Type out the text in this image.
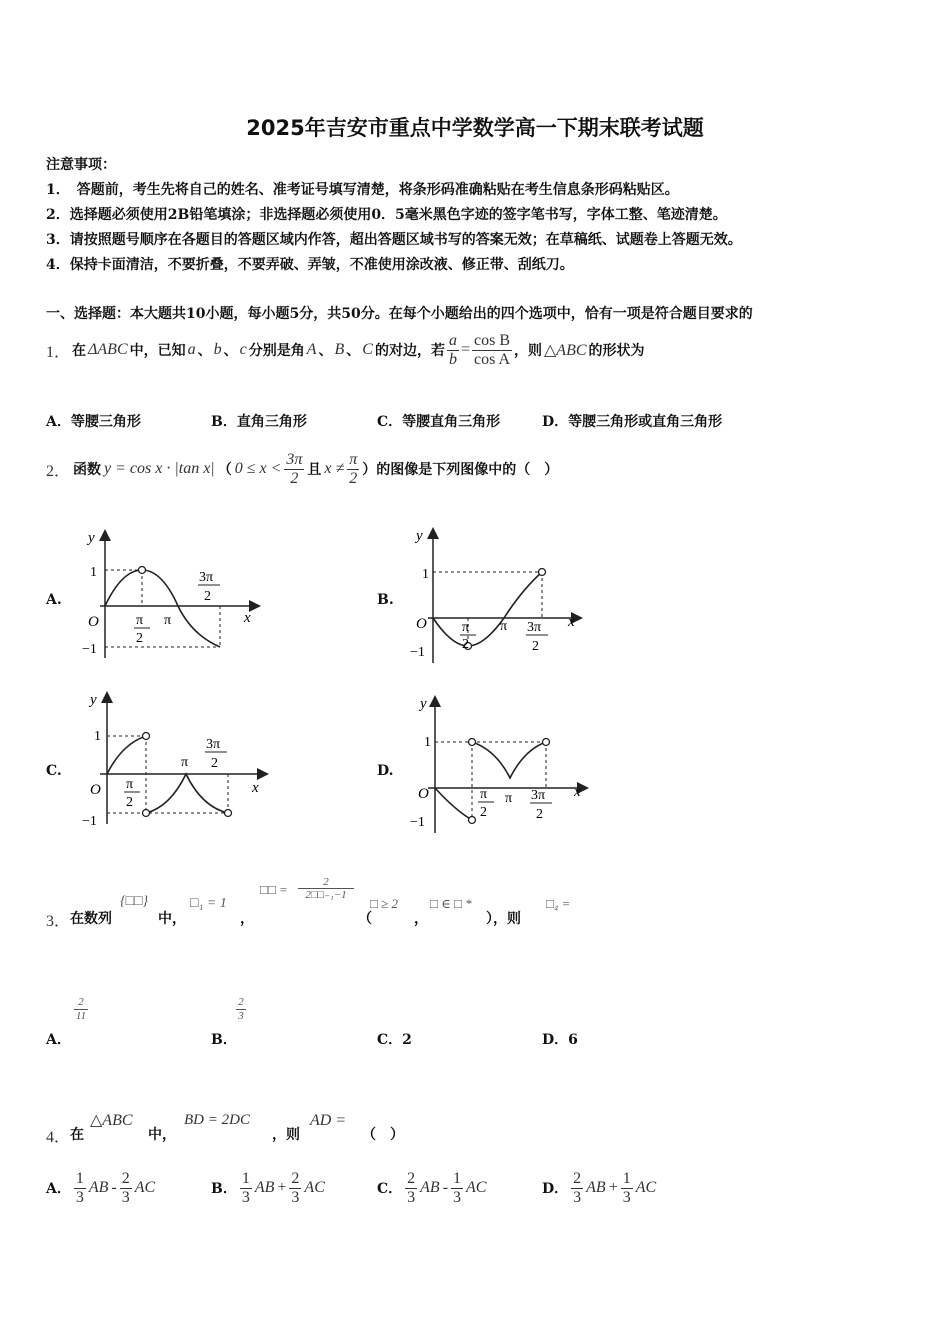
2025年吉安市重点中学数学高一下期末联考试题
注意事项：
1．　答题前，考生先将自己的姓名、准考证号填写清楚，将条形码准确粘贴在考生信息条形码粘贴区。
2．选择题必须使用2B铅笔填涂；非选择题必须使用0．5毫米黑色字迹的签字笔书写，字体工整、笔迹清楚。
3．请按照题号顺序在各题目的答题区域内作答，超出答题区域书写的答案无效；在草稿纸、试题卷上答题无效。
4．保持卡面清洁，不要折叠，不要弄破、弄皱，不准使用涂改液、修正带、刮纸刀。
一、选择题：本大题共10小题，每小题5分，共50分。在每个小题给出的四个选项中，恰有一项是符合题目要求的
1． 在 ΔABC 中，已知 a 、 b 、 c 分别是角 A 、 B 、 C 的对边，若 $\frac{a}{b} = \frac{\text{cos B}}{\text{cos A}}$ ，则 △ABC 的形状为
A．等腰三角形	B．直角三角形	C．等腰直角三角形	D．等腰三角形或直角三角形
2． 函数 y = cos x · |tan x| （ $0 \le x < \frac{3\pi}{2}$ 且 $x \ne \frac{\pi}{2}$ ）的图像是下列图像中的（　）
A.	B.
C.	D.
y
x
O
1
−1
π
2
π
3π
2
y
x
O
1
−1
π
2
π 3π
2
y
x
O
1
−1
π
2
π
3π
2
y
x
O
1
−1
π
2
π 3π
2
3． 在数列
{□□}
中，
□₁ = 1
，
□□ =	2
2□□₋₁−1
（
□ ≥ 2
，
□ ∈ □ *
），则
□₄ =
A．
2
11
B．
2
3
C．2	D．6
4． 在
△ABC
中，
BD = 2DC
，则
AD =
（　）
A． $\frac{1}{3}$ AB - $\frac{2}{3}$ AC	B． $\frac{1}{3}$ AB + $\frac{2}{3}$ AC	C． $\frac{2}{3}$ AB - $\frac{1}{3}$ AC	D． $\frac{2}{3}$ AB + $\frac{1}{3}$ AC
